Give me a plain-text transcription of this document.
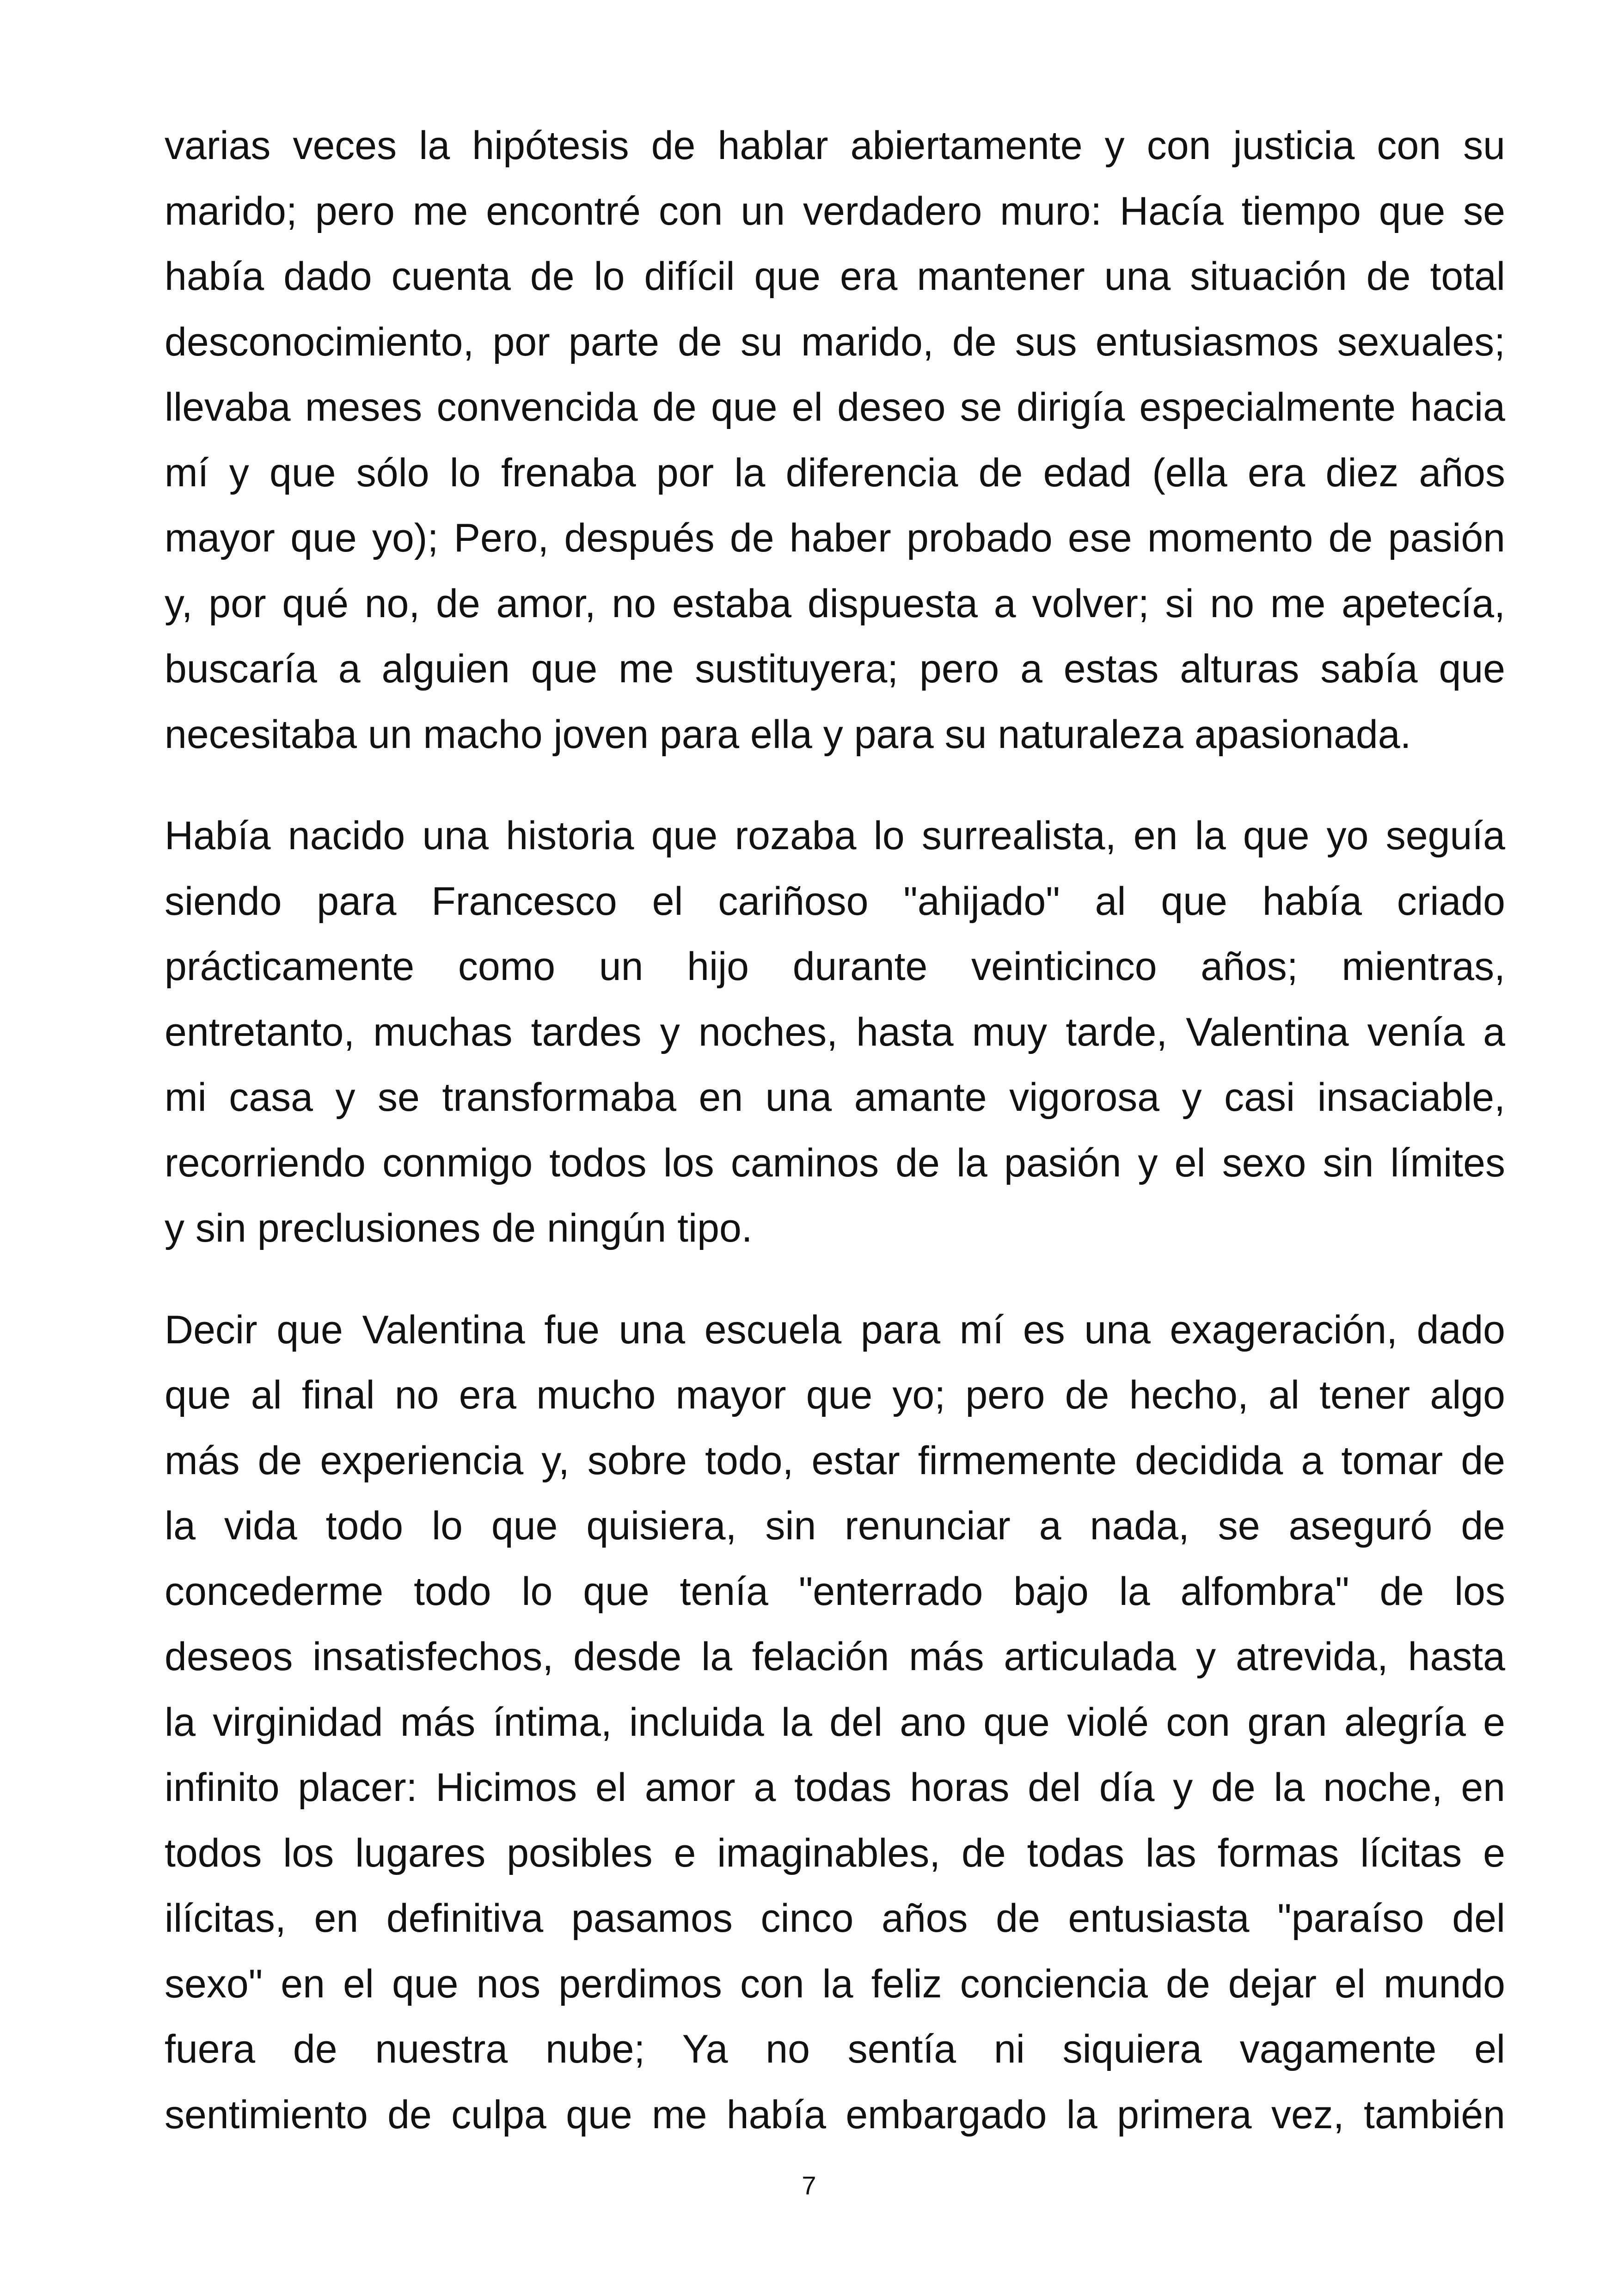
varias veces la hipótesis de hablar abiertamente y con justicia con su
marido; pero me encontré con un verdadero muro: Hacía tiempo que se
había dado cuenta de lo difícil que era mantener una situación de total
desconocimiento, por parte de su marido, de sus entusiasmos sexuales;
llevaba meses convencida de que el deseo se dirigía especialmente hacia
mí y que sólo lo frenaba por la diferencia de edad (ella era diez años
mayor que yo); Pero, después de haber probado ese momento de pasión
y, por qué no, de amor, no estaba dispuesta a volver; si no me apetecía,
buscaría a alguien que me sustituyera; pero a estas alturas sabía que
necesitaba un macho joven para ella y para su naturaleza apasionada.
Había nacido una historia que rozaba lo surrealista, en la que yo seguía
siendo para Francesco el cariñoso "ahijado" al que había criado
prácticamente como un hijo durante veinticinco años; mientras,
entretanto, muchas tardes y noches, hasta muy tarde, Valentina venía a
mi casa y se transformaba en una amante vigorosa y casi insaciable,
recorriendo conmigo todos los caminos de la pasión y el sexo sin límites
y sin preclusiones de ningún tipo.
Decir que Valentina fue una escuela para mí es una exageración, dado
que al final no era mucho mayor que yo; pero de hecho, al tener algo
más de experiencia y, sobre todo, estar firmemente decidida a tomar de
la vida todo lo que quisiera, sin renunciar a nada, se aseguró de
concederme todo lo que tenía "enterrado bajo la alfombra" de los
deseos insatisfechos, desde la felación más articulada y atrevida, hasta
la virginidad más íntima, incluida la del ano que violé con gran alegría e
infinito placer: Hicimos el amor a todas horas del día y de la noche, en
todos los lugares posibles e imaginables, de todas las formas lícitas e
ilícitas, en definitiva pasamos cinco años de entusiasta "paraíso del
sexo" en el que nos perdimos con la feliz conciencia de dejar el mundo
fuera de nuestra nube; Ya no sentía ni siquiera vagamente el
sentimiento de culpa que me había embargado la primera vez, también
7
